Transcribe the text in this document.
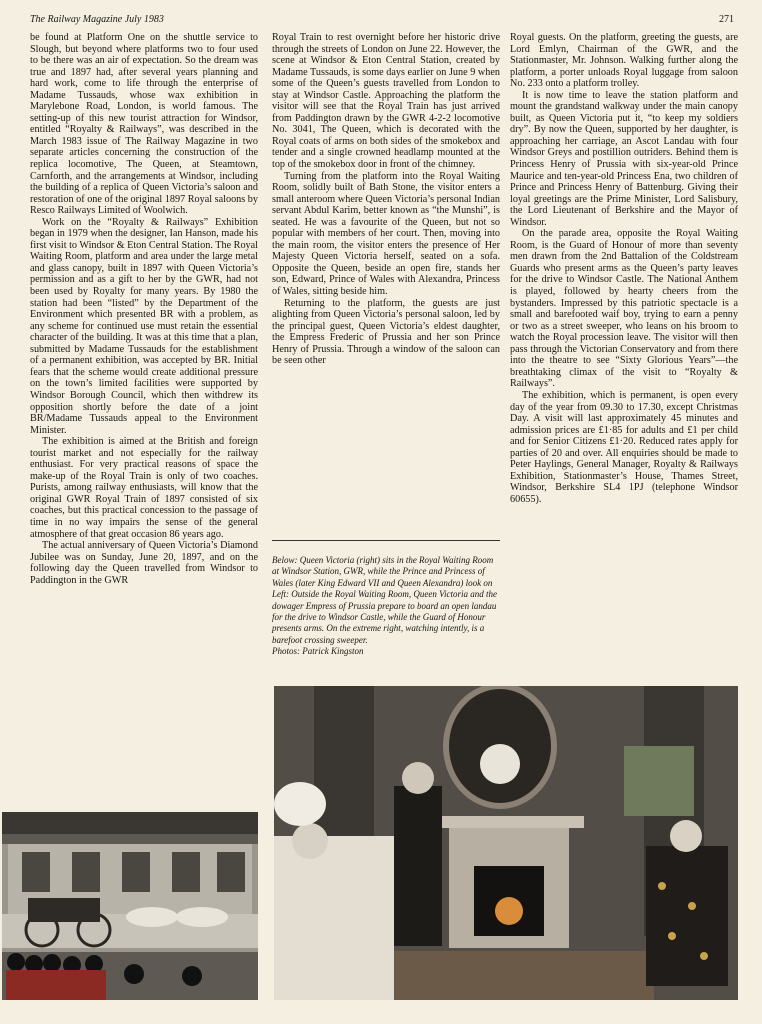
The Railway Magazine July 1983	271

be found at Platform One on the shuttle service to Slough, but beyond where platforms two to four used to be there was an air of expectation. So the dream was true and 1897 had, after several years planning and hard work, come to life through the enterprise of Madame Tussauds, whose wax exhibition in Marylebone Road, London, is world famous. The setting-up of this new tourist attraction for Windsor, entitled “Royalty & Railways”, was described in the March 1983 issue of The Railway Magazine in two separate articles concerning the construction of the replica locomotive, The Queen, at Steamtown, Carnforth, and the arrangements at Windsor, including the building of a replica of Queen Victoria’s saloon and restoration of one of the original 1897 Royal saloons by Resco Railways Limited of Woolwich.

Work on the “Royalty & Railways” Exhibition began in 1979 when the designer, Ian Hanson, made his first visit to Windsor & Eton Central Station. The Royal Waiting Room, platform and area under the large metal and glass canopy, built in 1897 with Queen Victoria’s permission and as a gift to her by the GWR, had not been used by Royalty for many years. By 1980 the station had been “listed” by the Department of the Environment which presented BR with a problem, as any scheme for continued use must retain the essential character of the building. It was at this time that a plan, submitted by Madame Tussauds for the establishment of a permanent exhibition, was accepted by BR. Initial fears that the scheme would create additional pressure on the town’s limited facilities were supported by Windsor Borough Council, which then withdrew its opposition shortly before the date of a joint BR/Madame Tussauds appeal to the Environment Minister.

The exhibition is aimed at the British and foreign tourist market and not especially for the railway enthusiast. For very practical reasons of space the make-up of the Royal Train is only of two coaches. Purists, among railway enthusiasts, will know that the original GWR Royal Train of 1897 consisted of six coaches, but this practical concession to the passage of time in no way impairs the sense of the general atmosphere of that great occasion 86 years ago.

The actual anniversary of Queen Victoria’s Diamond Jubilee was on Sunday, June 20, 1897, and on the following day the Queen travelled from Windsor to Paddington in the GWR

Royal Train to rest overnight before her historic drive through the streets of London on June 22. However, the scene at Windsor & Eton Central Station, created by Madame Tussauds, is some days earlier on June 9 when some of the Queen’s guests travelled from London to stay at Windsor Castle. Approaching the platform the visitor will see that the Royal Train has just arrived from Paddington drawn by the GWR 4-2-2 locomotive No. 3041, The Queen, which is decorated with the Royal coats of arms on both sides of the smokebox and tender and a single crowned headlamp mounted at the top of the smokebox door in front of the chimney.

Turning from the platform into the Royal Waiting Room, solidly built of Bath Stone, the visitor enters a small anteroom where Queen Victoria’s personal Indian servant Abdul Karim, better known as “the Munshi”, is seated. He was a favourite of the Queen, but not so popular with members of her court. Then, moving into the main room, the visitor enters the presence of Her Majesty Queen Victoria herself, seated on a sofa. Opposite the Queen, beside an open fire, stands her son, Edward, Prince of Wales with Alexandra, Princess of Wales, sitting beside him.

Returning to the platform, the guests are just alighting from Queen Victoria’s personal saloon, led by the principal guest, Queen Victoria’s eldest daughter, the Empress Frederic of Prussia and her son Prince Henry of Prussia. Through a window of the saloon can be seen other

Below: Queen Victoria (right) sits in the Royal Waiting Room at Windsor Station, GWR, while the Prince and Princess of Wales (later King Edward VII and Queen Alexandra) look on

Left: Outside the Royal Waiting Room, Queen Victoria and the dowager Empress of Prussia prepare to board an open landau for the drive to Windsor Castle, while the Guard of Honour presents arms. On the extreme right, watching intently, is a barefoot crossing sweeper.

Photos: Patrick Kingston

Royal guests. On the platform, greeting the guests, are Lord Emlyn, Chairman of the GWR, and the Stationmaster, Mr. Johnson. Walking further along the platform, a porter unloads Royal luggage from saloon No. 233 onto a platform trolley.

It is now time to leave the station platform and mount the grandstand walkway under the main canopy built, as Queen Victoria put it, “to keep my soldiers dry”. By now the Queen, supported by her daughter, is approaching her carriage, an Ascot Landau with four Windsor Greys and postillion outriders. Behind them is Princess Henry of Prussia with six-year-old Prince Maurice and ten-year-old Princess Ena, two children of Prince and Princess Henry of Battenburg. Giving their loyal greetings are the Prime Minister, Lord Salisbury, the Lord Lieutenant of Berkshire and the Mayor of Windsor.

On the parade area, opposite the Royal Waiting Room, is the Guard of Honour of more than seventy men drawn from the 2nd Battalion of the Coldstream Guards who present arms as the Queen’s party leaves for the drive to Windsor Castle. The National Anthem is played, followed by hearty cheers from the bystanders. Impressed by this patriotic spectacle is a small and barefooted waif boy, trying to earn a penny or two as a street sweeper, who leans on his broom to watch the Royal procession leave. The visitor will then pass through the Victorian Conservatory and from there into the theatre to see “Sixty Glorious Years”—the breathtaking climax of the visit to “Royalty & Railways”.

The exhibition, which is permanent, is open every day of the year from 09.30 to 17.30, except Christmas Day. A visit will last approximately 45 minutes and admission prices are £1·85 for adults and £1 per child and for Senior Citizens £1·20. Reduced rates apply for parties of 20 and over. All enquiries should be made to Peter Haylings, General Manager, Royalty & Railways Exhibition, Stationmaster’s House, Thames Street, Windsor, Berkshire SL4 1PJ (telephone Windsor 60655).
